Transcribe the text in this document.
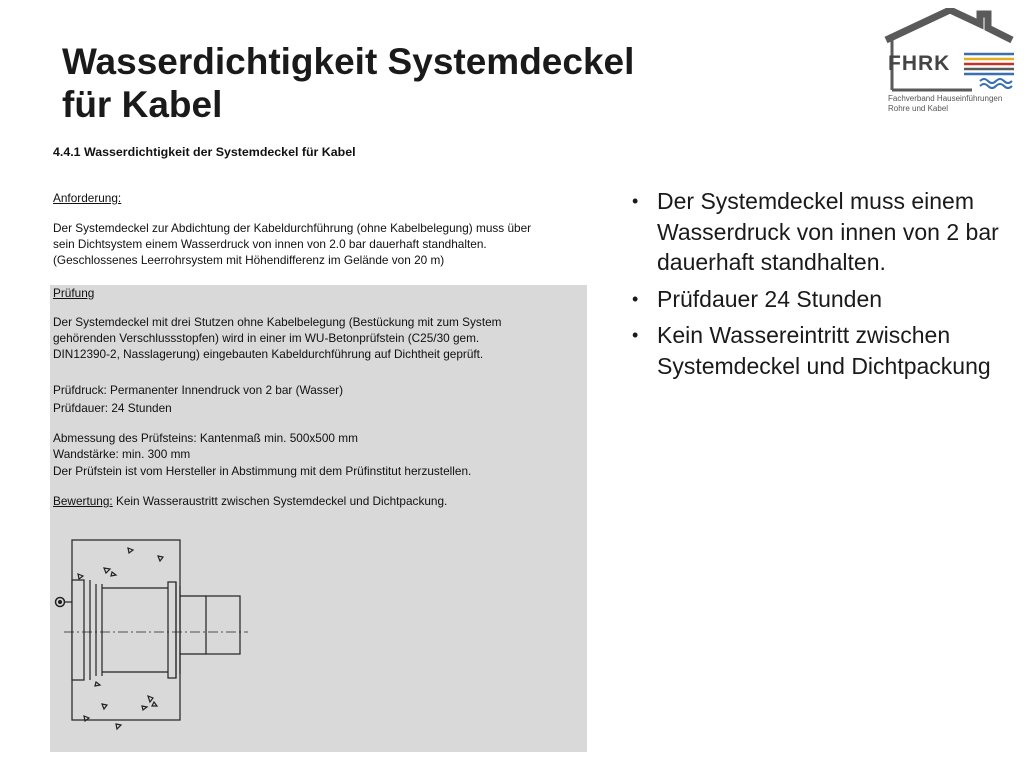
Wasserdichtigkeit Systemdeckel
für Kabel
FHRK
Fachverband Hauseinführungen
Rohre und Kabel

4.4.1 Wasserdichtigkeit der Systemdeckel für Kabel

Anforderung:

Der Systemdeckel zur Abdichtung der Kabeldurchführung (ohne Kabelbelegung) muss über

sein Dichtsystem einem Wasserdruck von innen von 2.0 bar dauerhaft standhalten.

(Geschlossenes Leerrohrsystem mit Höhendifferenz im Gelände von 20 m)

Prüfung

Der Systemdeckel mit drei Stutzen ohne Kabelbelegung (Bestückung mit zum System

gehörenden Verschlussstopfen) wird in einer im WU-Betonprüfstein (C25/30 gem.

DIN12390-2, Nasslagerung) eingebauten Kabeldurchführung auf Dichtheit geprüft.

Prüfdruck: Permanenter Innendruck von 2 bar (Wasser)

Prüfdauer: 24 Stunden

Abmessung des Prüfsteins: Kantenmaß min. 500x500 mm

Wandstärke: min. 300 mm

Der Prüfstein ist vom Hersteller in Abstimmung mit dem Prüfinstitut herzustellen.

Bewertung: Kein Wasseraustritt zwischen Systemdeckel und Dichtpackung.

• Der Systemdeckel muss einem Wasserdruck von innen von 2 bar dauerhaft standhalten.
• Prüfdauer 24 Stunden
• Kein Wassereintritt zwischen Systemdeckel und Dichtpackung
